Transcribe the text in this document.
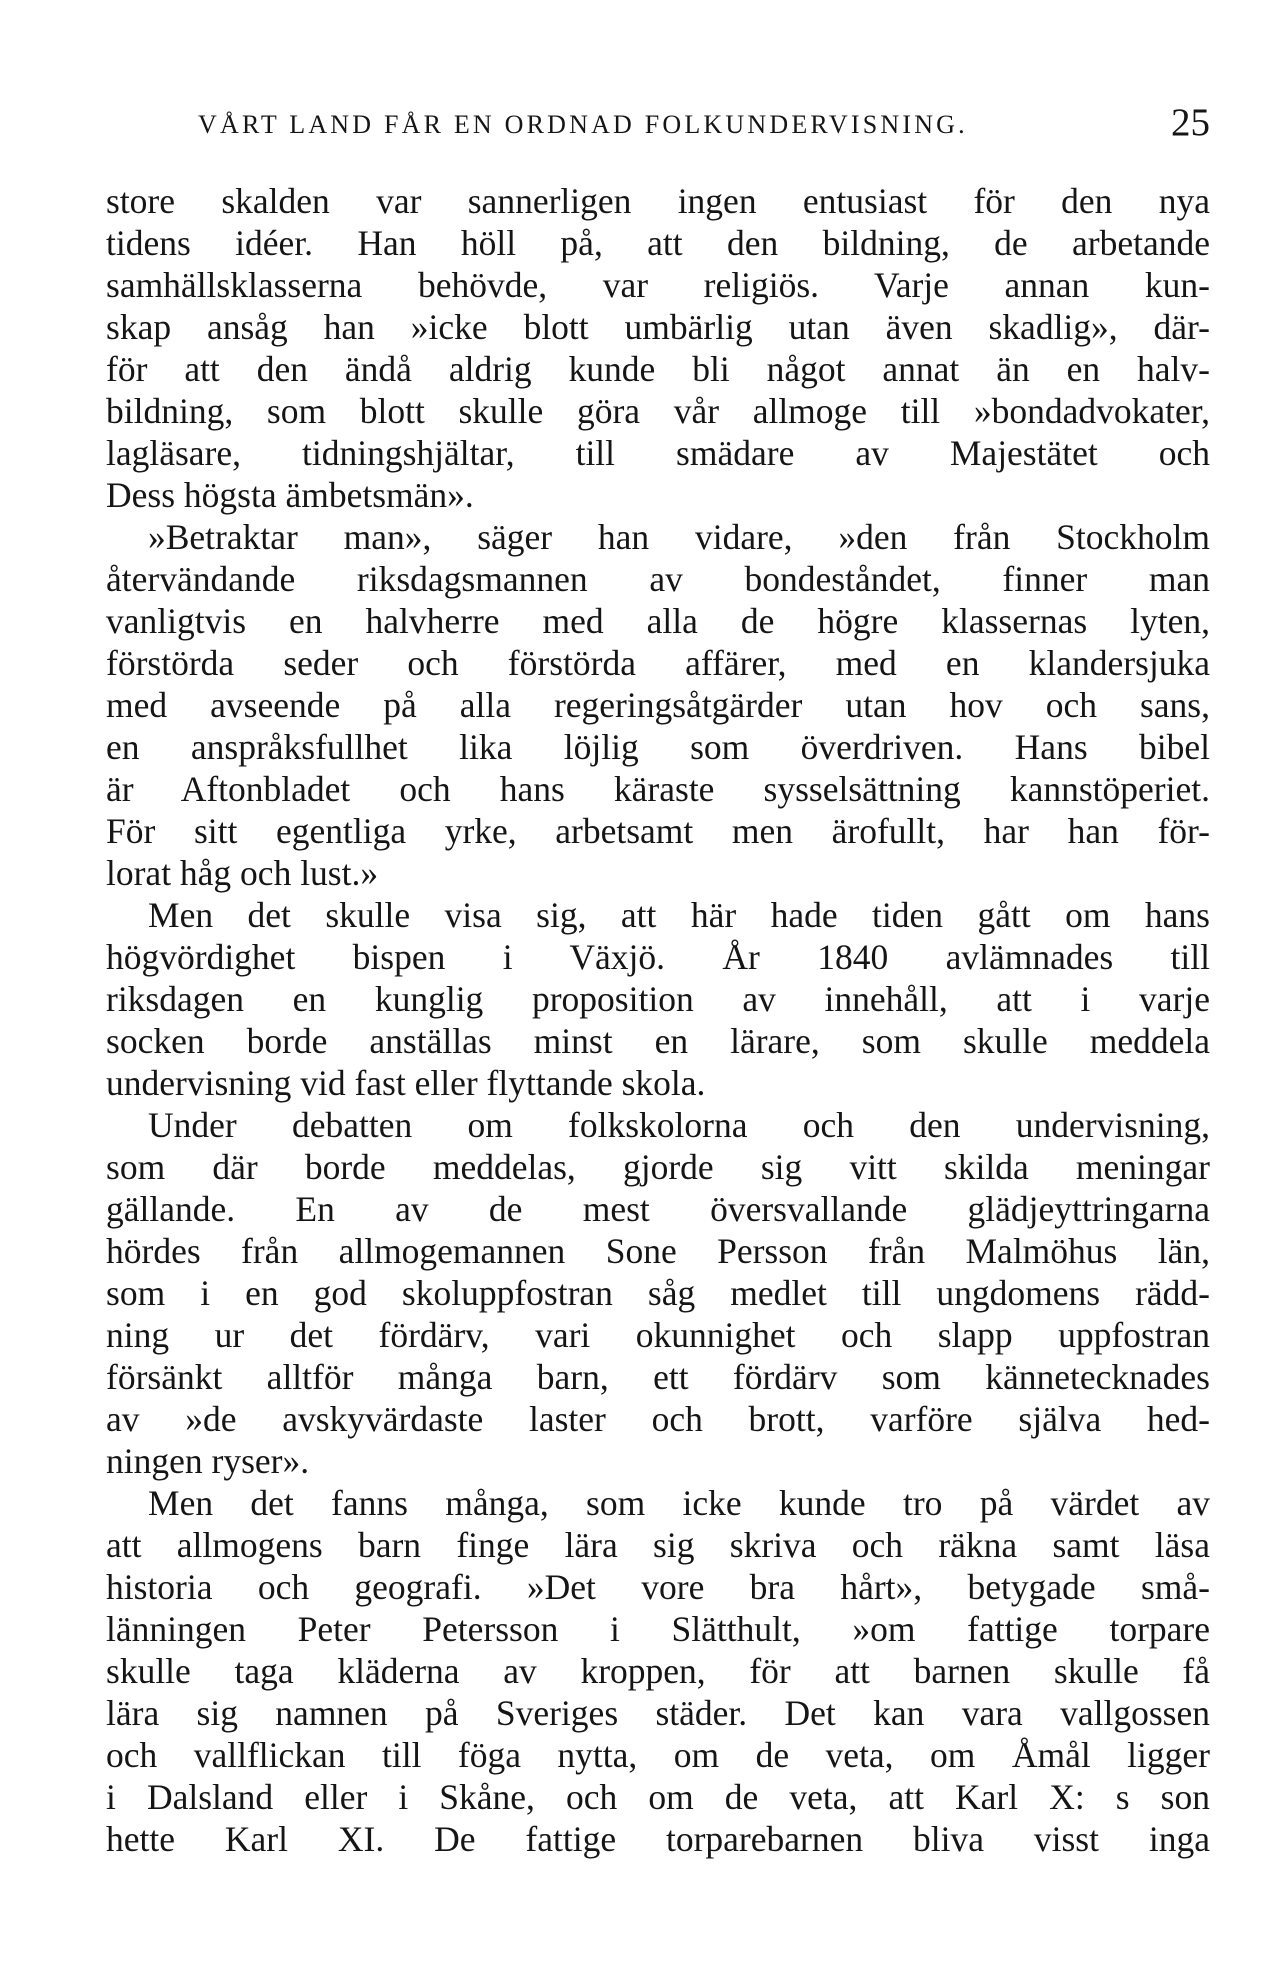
VÅRT LAND FÅR EN ORDNAD FOLKUNDERVISNING.	25
store skalden var sannerligen ingen entusiast för den nya
tidens idéer. Han höll på, att den bildning, de arbetande
samhällsklasserna behövde, var religiös. Varje annan kun-
skap ansåg han »icke blott umbärlig utan även skadlig», där-
för att den ändå aldrig kunde bli något annat än en halv-
bildning, som blott skulle göra vår allmoge till »bondadvokater,
lagläsare, tidningshjältar, till smädare av Majestätet och
Dess högsta ämbetsmän».
»Betraktar man», säger han vidare, »den från Stockholm
återvändande riksdagsmannen av bondeståndet, finner man
vanligtvis en halvherre med alla de högre klassernas lyten,
förstörda seder och förstörda affärer, med en klandersjuka
med avseende på alla regeringsåtgärder utan hov och sans,
en anspråksfullhet lika löjlig som överdriven. Hans bibel
är Aftonbladet och hans käraste sysselsättning kannstöperiet.
För sitt egentliga yrke, arbetsamt men ärofullt, har han för-
lorat håg och lust.»
Men det skulle visa sig, att här hade tiden gått om hans
högvördighet bispen i Växjö. År 1840 avlämnades till
riksdagen en kunglig proposition av innehåll, att i varje
socken borde anställas minst en lärare, som skulle meddela
undervisning vid fast eller flyttande skola.
Under debatten om folkskolorna och den undervisning,
som där borde meddelas, gjorde sig vitt skilda meningar
gällande. En av de mest översvallande glädjeyttringarna
hördes från allmogemannen Sone Persson från Malmöhus län,
som i en god skoluppfostran såg medlet till ungdomens rädd-
ning ur det fördärv, vari okunnighet och slapp uppfostran
försänkt alltför många barn, ett fördärv som kännetecknades
av »de avskyvärdaste laster och brott, varföre själva hed-
ningen ryser».
Men det fanns många, som icke kunde tro på värdet av
att allmogens barn finge lära sig skriva och räkna samt läsa
historia och geografi. »Det vore bra hårt», betygade små-
länningen Peter Petersson i Slätthult, »om fattige torpare
skulle taga kläderna av kroppen, för att barnen skulle få
lära sig namnen på Sveriges städer. Det kan vara vallgossen
och vallflickan till föga nytta, om de veta, om Åmål ligger
i Dalsland eller i Skåne, och om de veta, att Karl X: s son
hette Karl XI. De fattige torparebarnen bliva visst inga
